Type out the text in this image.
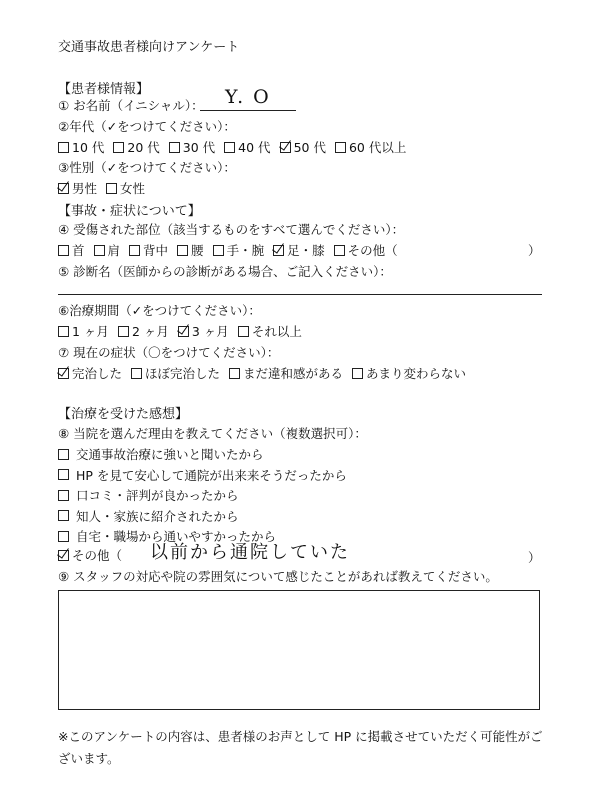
交通事故患者様向けアンケート
【患者様情報】
① お名前（イニシャル）： Y. O
②年代（✓をつけてください）：
10 代 20 代 30 代 40 代 50 代 60 代以上
③性別（✓をつけてください）：
男性 女性
【事故・症状について】
④ 受傷された部位（該当するものをすべて選んでください）：
首 肩 背中 腰 手・腕 足・膝 その他（	）
⑤ 診断名（医師からの診断がある場合、ご記入ください）：
⑥治療期間（✓をつけてください）：
1 ヶ月 2 ヶ月 3 ヶ月 それ以上
⑦ 現在の症状（〇をつけてください）：
完治した ほぼ完治した まだ違和感がある あまり変わらない
【治療を受けた感想】
⑧ 当院を選んだ理由を教えてください（複数選択可）：
交通事故治療に強いと聞いたから
HP を見て安心して通院が出来来そうだったから
口コミ・評判が良かったから
知人・家族に紹介されたから
自宅・職場から通いやすかったから
その他（ 以前から通院していた	）
⑨ スタッフの対応や院の雰囲気について感じたことがあれば教えてください。
※このアンケートの内容は、患者様のお声として HP に掲載させていただく可能性がございます。
